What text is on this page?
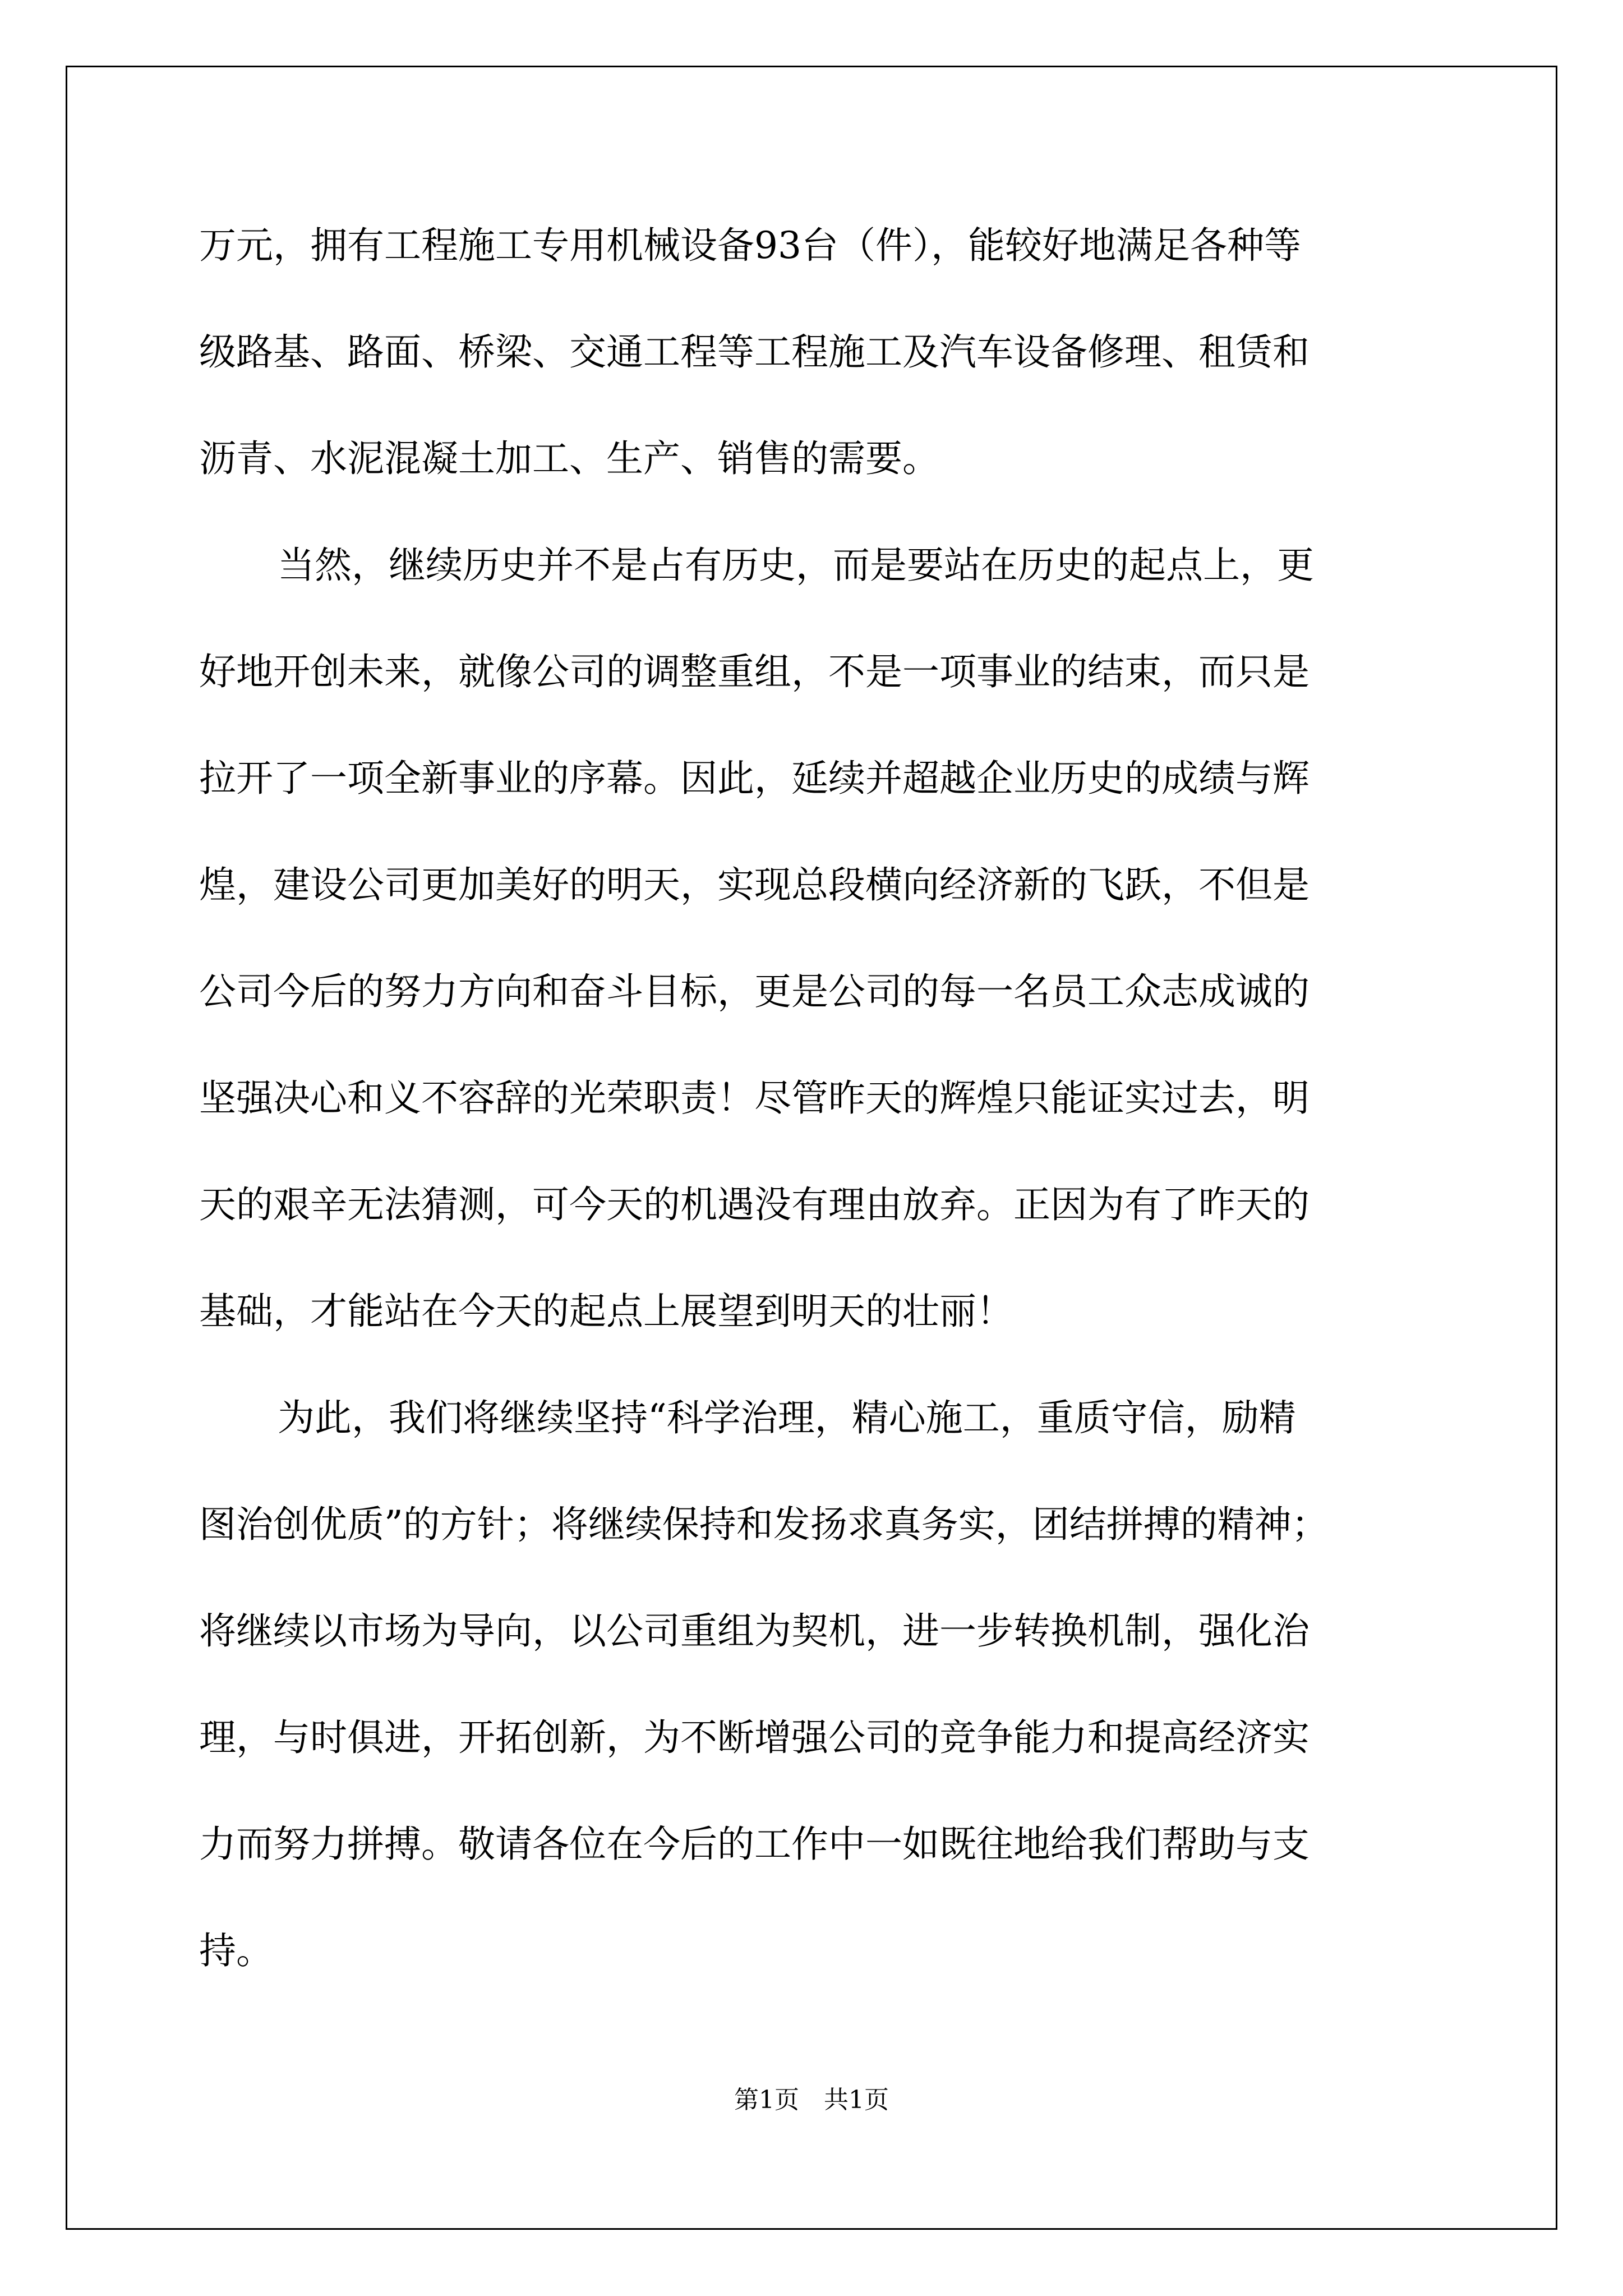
万元，拥有工程施工专用机械设备93台（件），能较好地满足各种等
级路基、路面、桥梁、交通工程等工程施工及汽车设备修理、租赁和
沥青、水泥混凝土加工、生产、销售的需要。
当然，继续历史并不是占有历史，而是要站在历史的起点上，更
好地开创未来，就像公司的调整重组，不是一项事业的结束，而只是
拉开了一项全新事业的序幕。因此，延续并超越企业历史的成绩与辉
煌，建设公司更加美好的明天，实现总段横向经济新的飞跃，不但是
公司今后的努力方向和奋斗目标，更是公司的每一名员工众志成诚的
坚强决心和义不容辞的光荣职责！尽管昨天的辉煌只能证实过去，明
天的艰辛无法猜测，可今天的机遇没有理由放弃。正因为有了昨天的
基础，才能站在今天的起点上展望到明天的壮丽！
为此，我们将继续坚持“科学治理，精心施工，重质守信，励精
图治创优质”的方针；将继续保持和发扬求真务实，团结拼搏的精神；
将继续以市场为导向，以公司重组为契机，进一步转换机制，强化治
理，与时俱进，开拓创新，为不断增强公司的竞争能力和提高经济实
力而努力拼搏。敬请各位在今后的工作中一如既往地给我们帮助与支
持。
第1页　共1页
